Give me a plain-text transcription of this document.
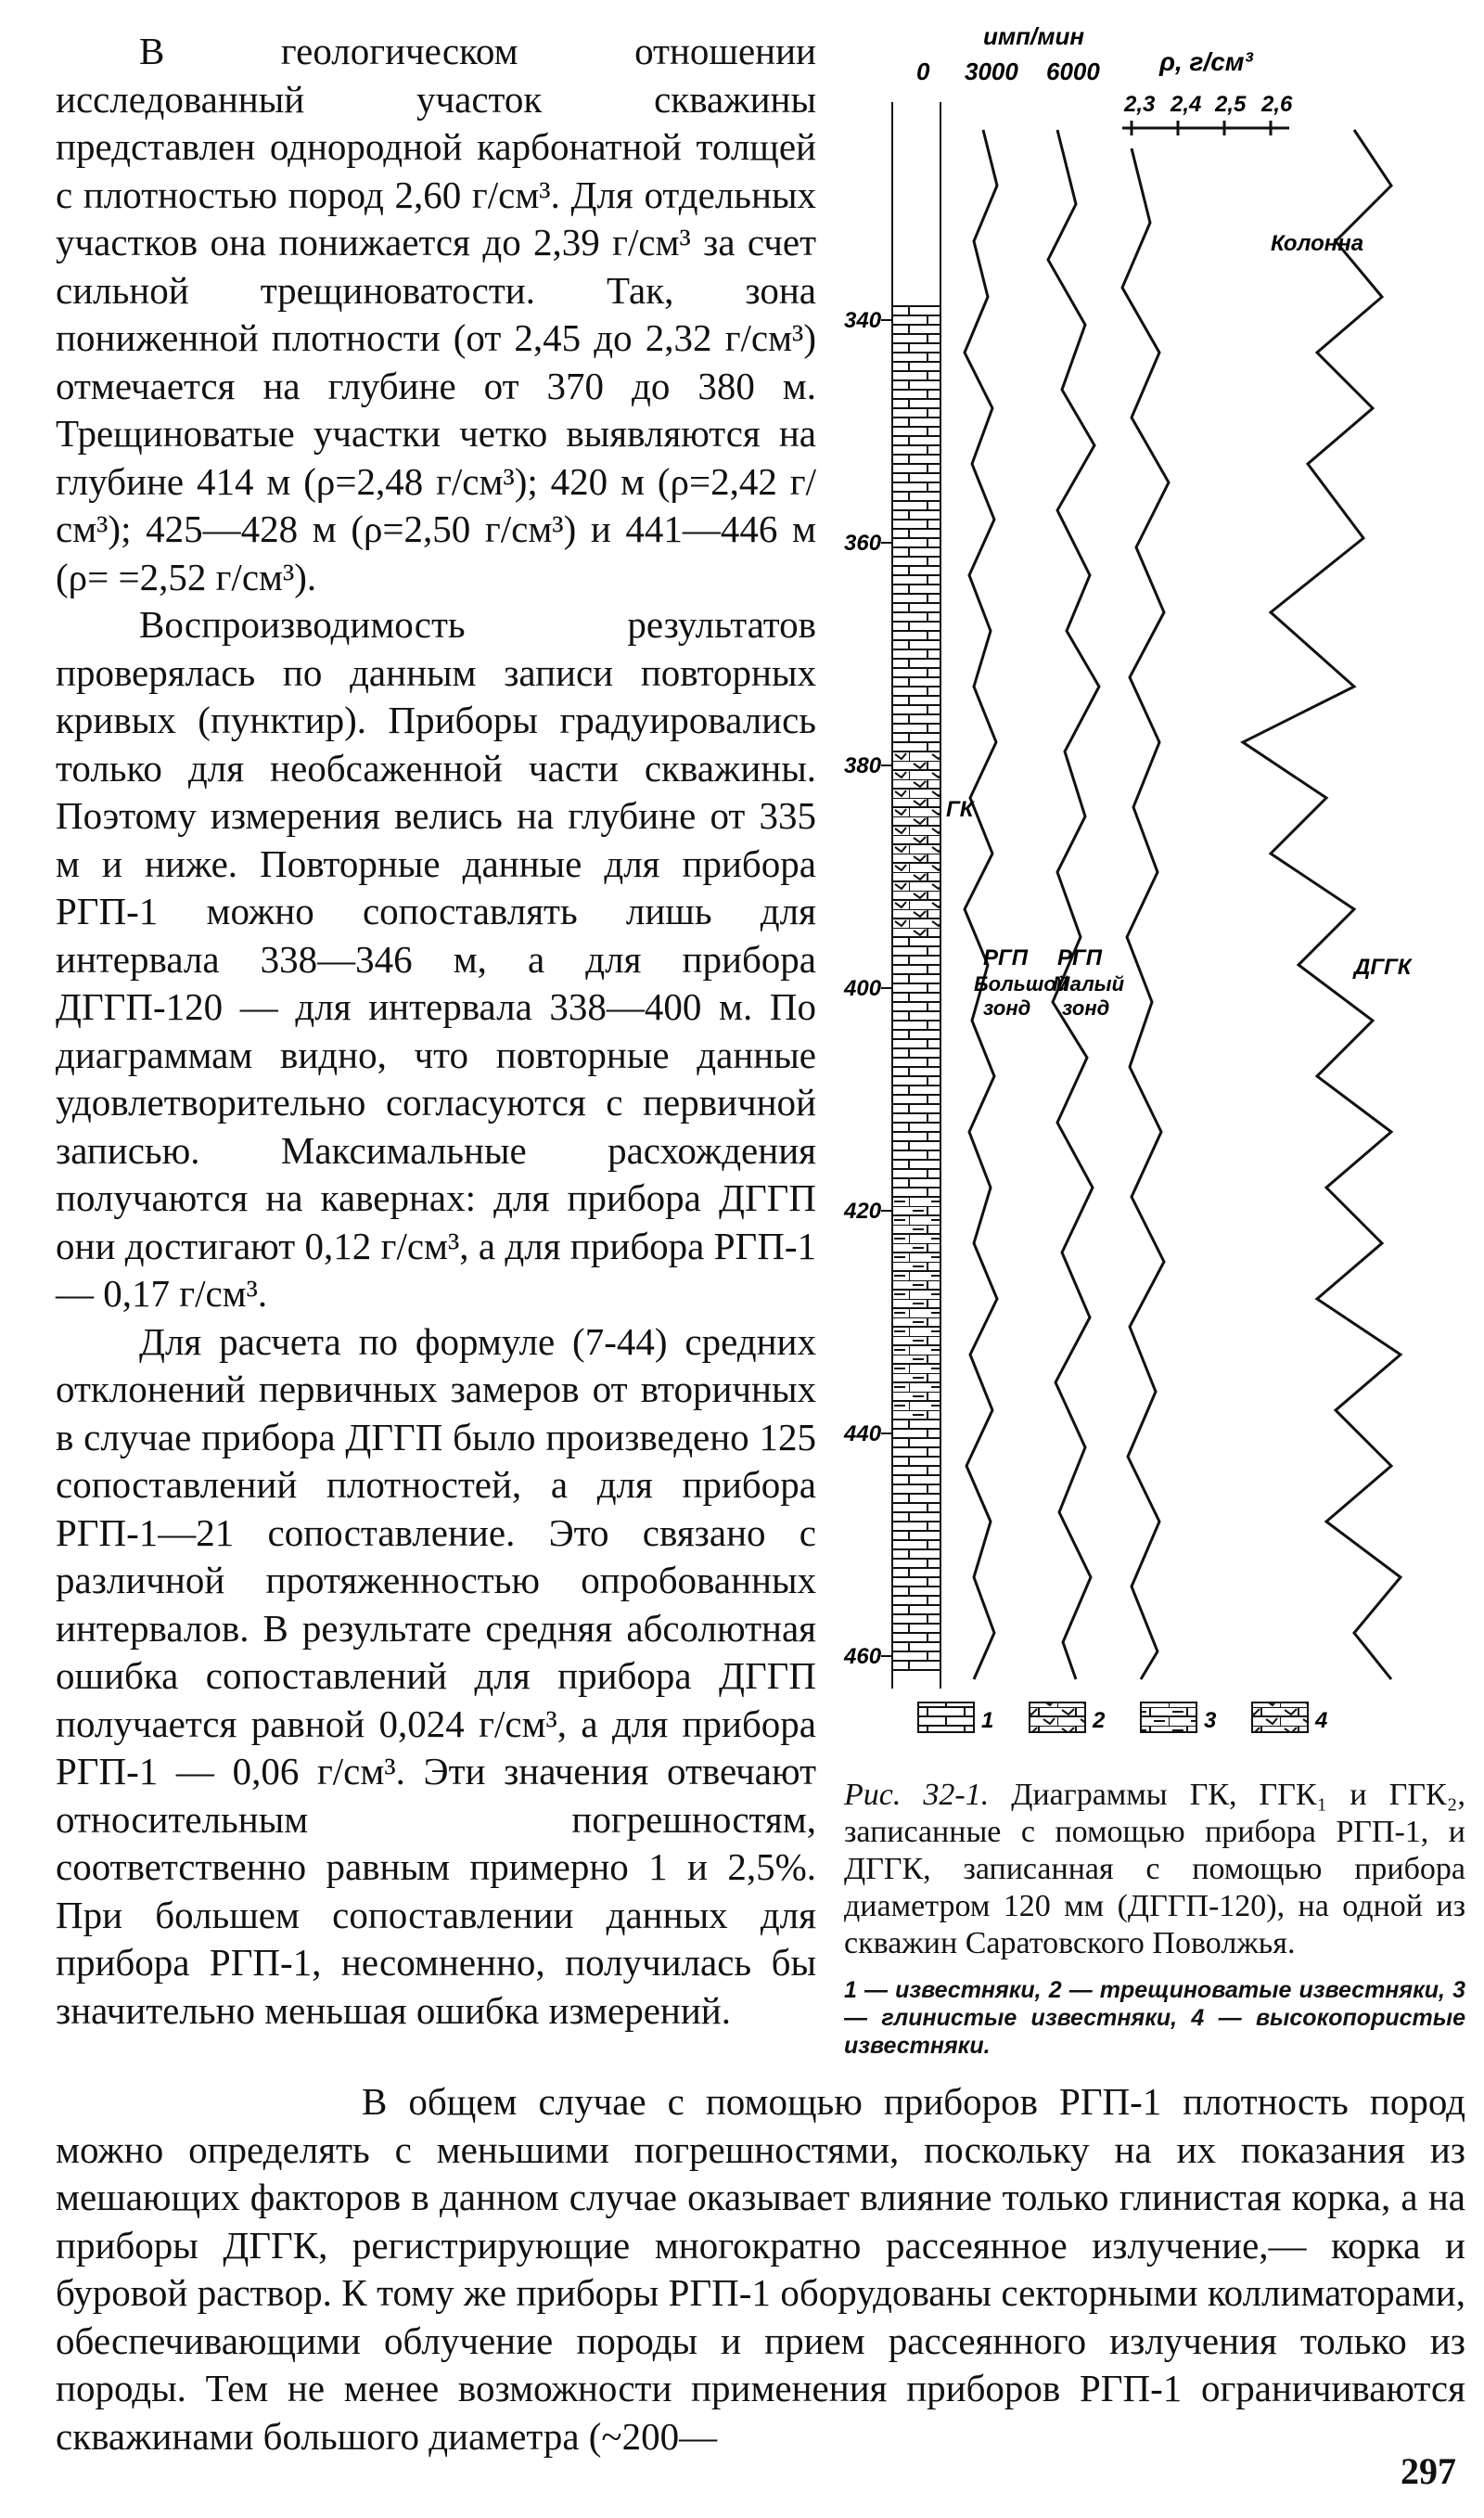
В геологическом отношении исследованный участок скважины представлен однородной карбонатной толщей с плотностью пород 2,60 г/см³. Для отдельных участков она понижается до 2,39 г/см³ за счет сильной трещиноватости. Так, зона пониженной плотности (от 2,45 до 2,32 г/см³) отмечается на глубине от 370 до 380 м. Трещиноватые участки четко выявляются на глубине 414 м (ρ=2,48 г/см³); 420 м (ρ=2,42 г/см³); 425—428 м (ρ=2,50 г/см³) и 441—446 м (ρ= =2,52 г/см³).

Воспроизводимость результатов проверялась по данным записи повторных кривых (пунктир). Приборы градуировались только для необсаженной части скважины. Поэтому измерения велись на глубине от 335 м и ниже. Повторные данные для прибора РГП-1 можно сопоставлять лишь для интервала 338—346 м, а для прибора ДГГП-120 — для интервала 338—400 м. По диаграммам видно, что повторные данные удовлетворительно согласуются с первичной записью. Максимальные расхождения получаются на кавернах: для прибора ДГГП они достигают 0,12 г/см³, а для прибора РГП-1 — 0,17 г/см³.

Для расчета по формуле (7-44) средних отклонений первичных замеров от вторичных в случае прибора ДГГП было произведено 125 сопоставлений плотностей, а для прибора РГП-1—21 сопоставление. Это связано с различной протяженностью опробованных интервалов. В результате средняя абсолютная ошибка сопоставлений для прибора ДГГП получается равной 0,024 г/см³, а для прибора РГП-1 — 0,06 г/см³. Эти значения отвечают относительным погрешностям, соответственно равным примерно 1 и 2,5%. При большем сопоставлении данных для прибора РГП-1, несомненно, получилась бы значительно меньшая ошибка измерений.

имп/мин
0 3000 6000 ρ, г/см³
2,3 2,4 2,5 2,6
340
360
380
400
420
440
460
ГК
РГП
Большой
зонд
РГП
Малый
зонд
ДГГК
Колонна
1	2	3	4
Рис. 32-1. Диаграммы ГК, ГГК₁ и ГГК₂, записанные с помощью прибора РГП-1, и ДГГК, записанная с помощью прибора диаметром 120 мм (ДГГП-120), на одной из скважин Саратовского Поволжья.
1 — известняки, 2 — трещиноватые известняки, 3 — глинистые известняки, 4 — высокопористые известняки.

В общем случае с помощью приборов РГП-1 плотность пород можно определять с меньшими погрешностями, поскольку на их показания из мешающих факторов в данном случае оказывает влияние только глинистая корка, а на приборы ДГГК, регистрирующие многократно рассеянное излучение,— корка и буровой раствор. К тому же приборы РГП-1 оборудованы секторными коллиматорами, обеспечивающими облучение породы и прием рассеянного излучения только из породы. Тем не менее возможности применения приборов РГП-1 ограничиваются скважинами большого диаметра (~200—

297
